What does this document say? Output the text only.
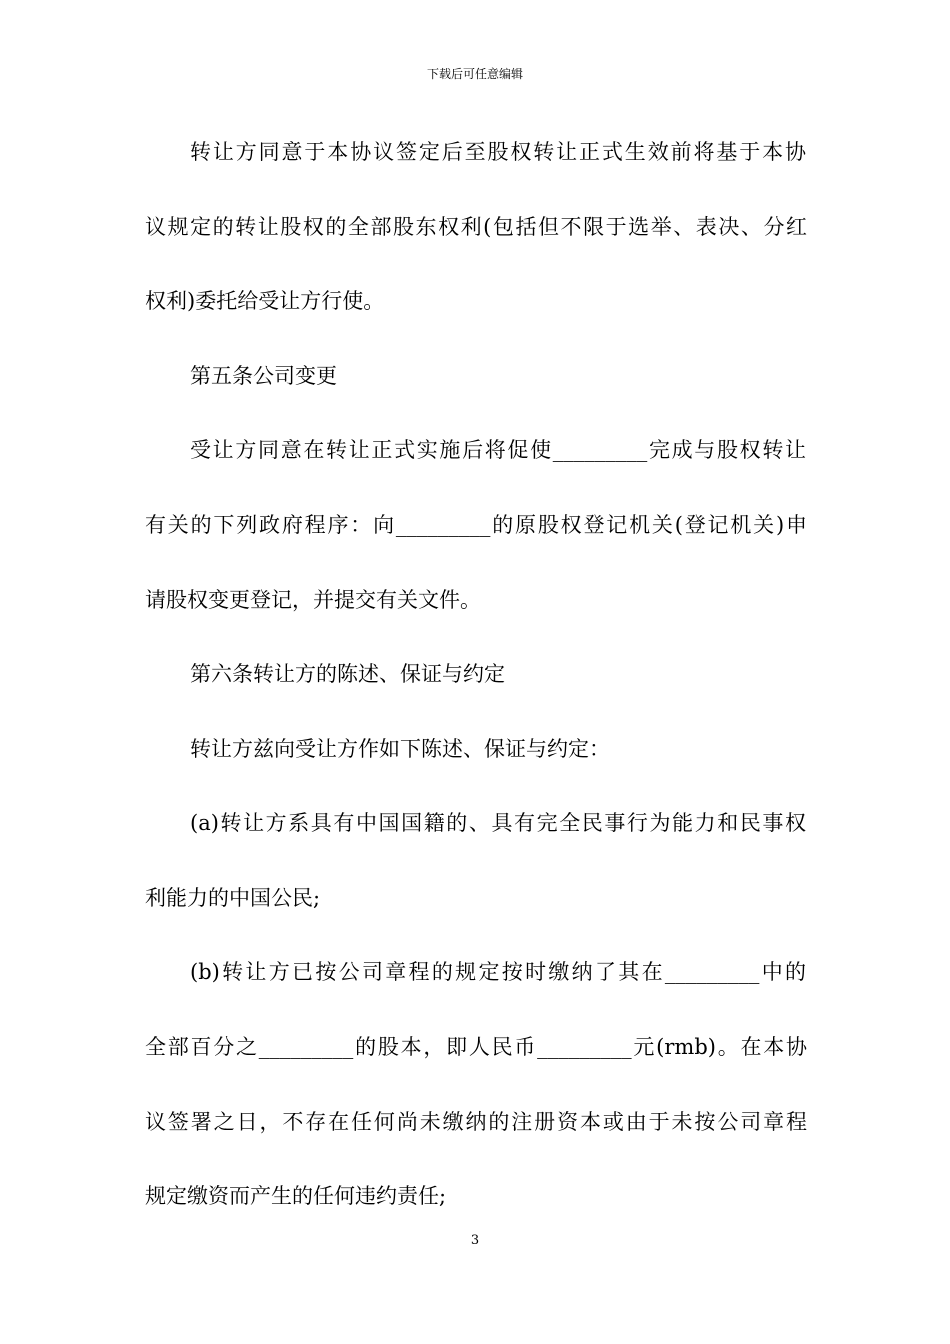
下载后可任意编辑
转让方同意于本协议签定后至股权转让正式生效前将基于本协
议规定的转让股权的全部股东权利(包括但不限于选举、表决、分红
权利)委托给受让方行使。
第五条公司变更
受让方同意在转让正式实施后将促使_________完成与股权转让
有关的下列政府程序：向_________的原股权登记机关(登记机关)申
请股权变更登记，并提交有关文件。
第六条转让方的陈述、保证与约定
转让方兹向受让方作如下陈述、保证与约定：
(a)转让方系具有中国国籍的、具有完全民事行为能力和民事权
利能力的中国公民;
(b)转让方已按公司章程的规定按时缴纳了其在_________中的
全部百分之_________的股本，即人民币_________元(rmb)。在本协
议签署之日，不存在任何尚未缴纳的注册资本或由于未按公司章程
规定缴资而产生的任何违约责任;
3
